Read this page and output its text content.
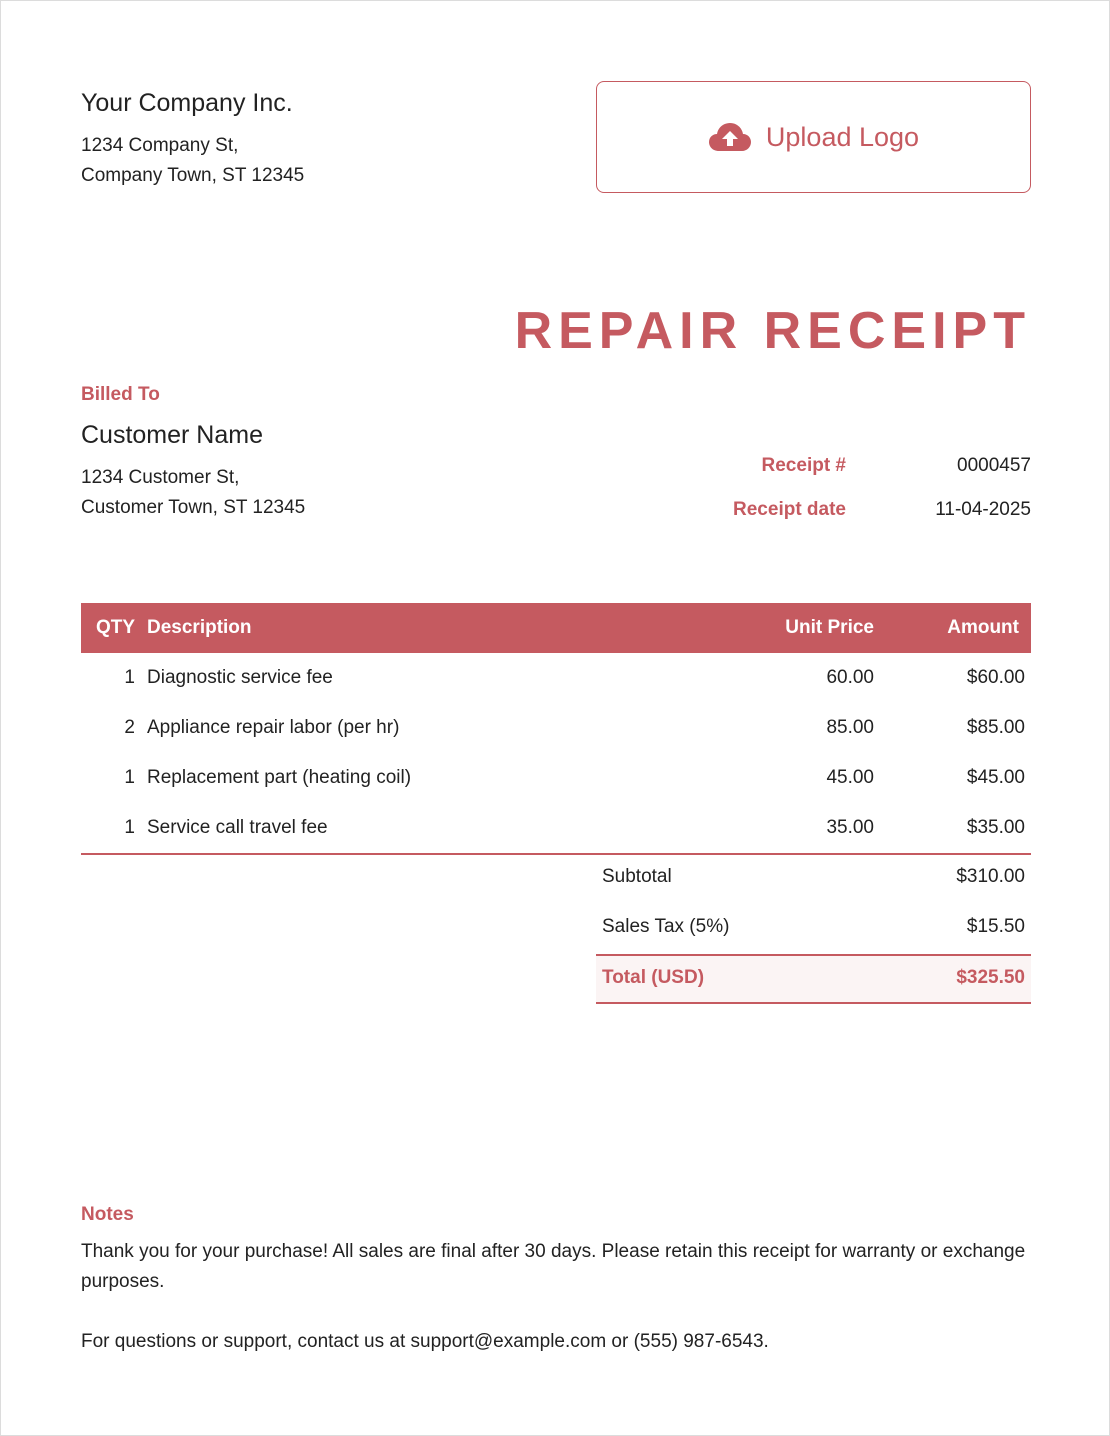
Your Company Inc.
1234 Company St,
Company Town, ST 12345
Upload Logo
REPAIR RECEIPT
Billed To
Customer Name
1234 Customer St,
Customer Town, ST 12345
Receipt #	0000457
Receipt date	11-04-2025
QTY	Description	Unit Price	Amount
1	Diagnostic service fee	60.00	$60.00
2	Appliance repair labor (per hr)	85.00	$85.00
1	Replacement part (heating coil)	45.00	$45.00
1	Service call travel fee	35.00	$35.00
Subtotal	$310.00
Sales Tax (5%)	$15.50
Total (USD)	$325.50
Notes
Thank you for your purchase! All sales are final after 30 days. Please retain this receipt for warranty or exchange purposes.
For questions or support, contact us at support@example.com or (555) 987-6543.
